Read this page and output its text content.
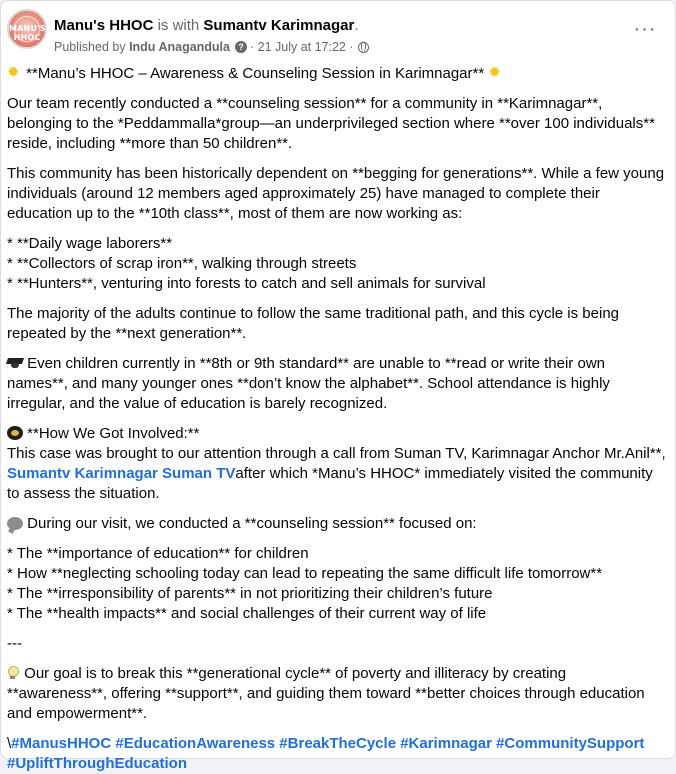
MANU'S HHOC
Manu's HHOC is with Sumantv Karimnagar.
Published by
Indu Anagandula ? · 21 July at 17:22 ·
···

✹ **Manu’s HHOC – Awareness & Counseling Session in Karimnagar** ✹

Our team recently conducted a **counseling session** for a community in **Karimnagar**, belonging to the *Peddammalla*group—an underprivileged section where **over 100 individuals** reside, including **more than 50 children**.

This community has been historically dependent on **begging for generations**. While a few young individuals (around 12 members aged approximately 25) have managed to complete their education up to the **10th class**, most of them are now working as:

* **Daily wage laborers**
* **Collectors of scrap iron**, walking through streets
* **Hunters**, venturing into forests to catch and sell animals for survival

The majority of the adults continue to follow the same traditional path, and this cycle is being repeated by the **next generation**.

Even children currently in **8th or 9th standard** are unable to **read or write their own names**, and many younger ones **don’t know the alphabet**. School attendance is highly irregular, and the value of education is barely recognized.

**How We Got Involved:**
This case was brought to our attention through a call from Suman TV, Karimnagar Anchor Mr.Anil**, Sumantv Karimnagar Suman TVafter which *Manu’s HHOC* immediately visited the community to assess the situation.

During our visit, we conducted a **counseling session** focused on:

* The **importance of education** for children
* How **neglecting schooling today can lead to repeating the same difficult life tomorrow**
* The **irresponsibility of parents** in not prioritizing their children’s future
* The **health impacts** and social challenges of their current way of life

---

Our goal is to break this **generational cycle** of poverty and illiteracy by creating **awareness**, offering **support**, and guiding them toward **better choices through education and empowerment**.

\#ManusHHOC #EducationAwareness #BreakTheCycle #Karimnagar #CommunitySupport #UpliftThroughEducation
